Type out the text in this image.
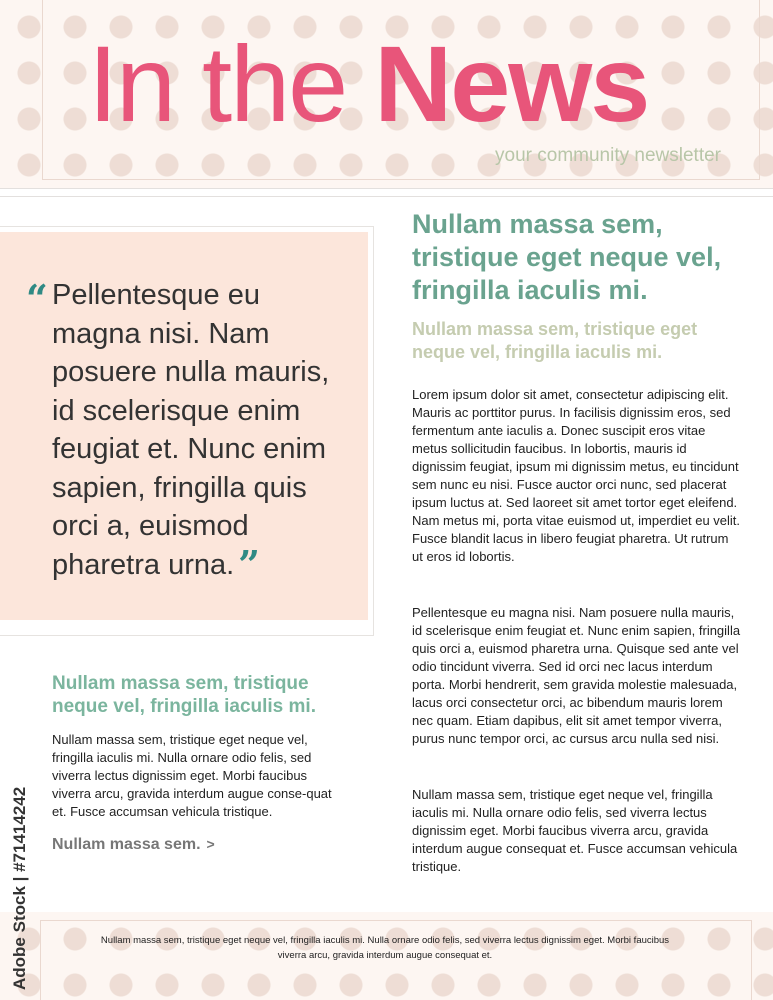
In the News

your community newsletter

“ Pellentesque eu magna nisi. Nam posuere nulla mauris, id scelerisque enim feugiat et. Nunc enim sapien, fringilla quis orci a, euismod pharetra urna. ”

Nullam massa sem, tristique neque vel, fringilla iaculis mi.

Nullam massa sem, tristique eget neque vel, fringilla iaculis mi. Nulla ornare odio felis, sed viverra lectus dignissim eget. Morbi faucibus viverra arcu, gravida interdum augue conse-quat et. Fusce accumsan vehicula tristique.

Nullam massa sem. >

Nullam massa sem, tristique eget neque vel, fringilla iaculis mi.
Nullam massa sem, tristique eget neque vel, fringilla iaculis mi.

Lorem ipsum dolor sit amet, consectetur adipiscing elit. Mauris ac porttitor purus. In facilisis dignissim eros, sed fermentum ante iaculis a. Donec suscipit eros vitae metus sollicitudin faucibus. In lobortis, mauris id dignissim feugiat, ipsum mi dignissim metus, eu tincidunt sem nunc eu nisi. Fusce auctor orci nunc, sed placerat ipsum luctus at. Sed laoreet sit amet tortor eget eleifend. Nam metus mi, porta vitae euismod ut, imperdiet eu velit. Fusce blandit lacus in libero feugiat pharetra. Ut rutrum ut eros id lobortis.

Pellentesque eu magna nisi. Nam posuere nulla mauris, id scelerisque enim feugiat et. Nunc enim sapien, fringilla quis orci a, euismod pharetra urna. Quisque sed ante vel odio tincidunt viverra. Sed id orci nec lacus interdum porta. Morbi hendrerit, sem gravida molestie malesuada, lacus orci consectetur orci, ac bibendum mauris lorem nec quam. Etiam dapibus, elit sit amet tempor viverra, purus nunc tempor orci, ac cursus arcu nulla sed nisi.

Nullam massa sem, tristique eget neque vel, fringilla iaculis mi. Nulla ornare odio felis, sed viverra lectus dignissim eget. Morbi faucibus viverra arcu, gravida interdum augue consequat et. Fusce accumsan vehicula tristique.

Nullam massa sem, tristique eget neque vel, fringilla iaculis mi. Nulla ornare odio felis, sed viverra lectus dignissim eget. Morbi faucibus viverra arcu, gravida interdum augue consequat et.

Adobe Stock | #71414242
